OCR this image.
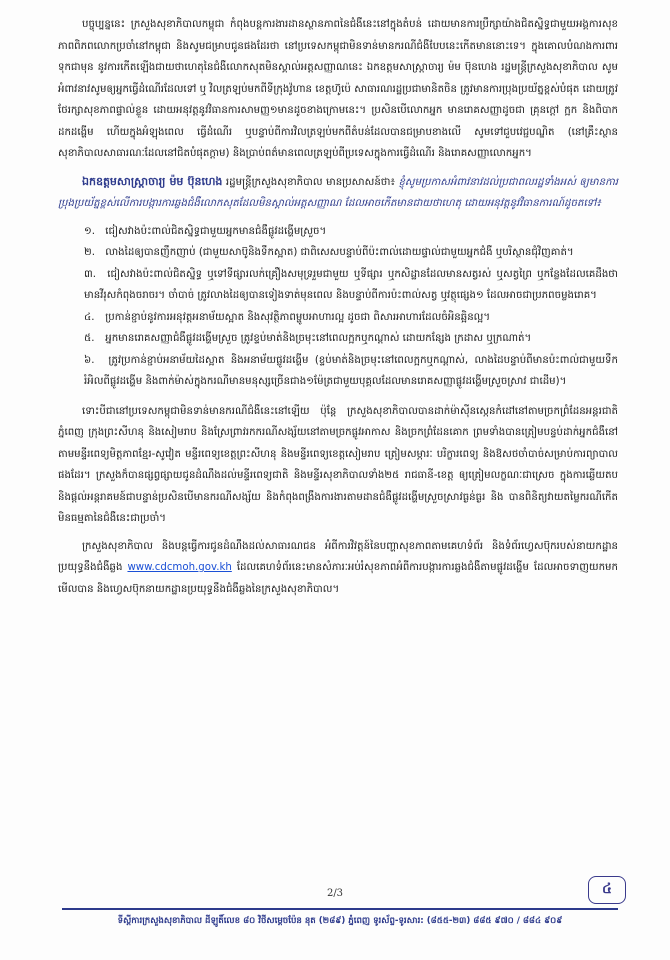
បច្ចុប្បន្ននេះ ក្រសួងសុខាភិបាលកម្ពុជា កំពុងបន្តការងារដានស្ថានភាពនៃជំងឺនេះនៅក្នុងតំបន់ ដោយមានការប្រឹក្សាយ៉ាងជិតស្និទ្ធជាមួយអង្គការសុខភាពពិភពលោកប្រចាំនៅកម្ពុជា និងសូមជម្រាបជូនផងដែរថា នៅប្រទេសកម្ពុជាមិនទាន់មានករណីជំងឺបែបនេះកើតមាននោះទេ។ ក្នុងគោលបំណងការពារទុកជាមុន នូវការកើតឡើងជាយថាហេតុនៃជំងឺលោកសុតមិនស្គាល់អត្តសញ្ញាណនេះ ឯកឧត្តមសាស្ត្រាចារ្យ ម៉ម ប៊ុនហេង រដ្ឋមន្ត្រីក្រសួងសុខាភិបាល សូមអំពាវនាវសូមឲ្យអ្នកធ្វើដំណើរដែលទៅ ឬ វិលត្រឡប់មកពីទីក្រុងវ៉ូហាន ខេត្តហ៊ូប៉េ សាធារណរដ្ឋប្រជាមានិតចិន ត្រូវមានការប្រុងប្រយ័ត្នខ្ពស់បំផុត ដោយត្រូវថែរក្សាសុខភាពផ្ទាល់ខ្លួន ដោយអនុវត្តនូវវិធានការសាមញ្ញ១មានដូចខាងក្រោមនេះ។ ប្រសិនបើលោកអ្នក មានរោគសញ្ញាដូចជា គ្រុនក្តៅ ក្អក និងពិបាកដកដង្ហើម ហើយក្នុងអំឡុងពេល ធ្វើដំណើរ ឬបន្ទាប់ពីការវិលត្រឡប់មកពីតំបន់ដែលបានជម្រាបខាងលើ សូមទៅជួបវេជ្ជបណ្ឌិត (នៅគ្រឹះស្ថានសុខាភិបាលសាធារណៈដែលនៅជិតបំផុតក្តាម) និងប្រាប់ពត៌មានពេលត្រឡប់ពីប្រទេសក្នុងការធ្វើដំណើរ និងរោគសញ្ញាលោកអ្នក។

ឯកឧត្តមសាស្ត្រាចារ្យ ម៉ម ប៊ុនហេង រដ្ឋមន្ត្រីក្រសួងសុខាភិបាល មានប្រសាសន៍ថា៖ ខ្ញុំសូមប្រកាសអំពាវនាវដល់ប្រជាពលរដ្ឋទាំងអស់ ឲ្យមានការប្រុងប្រយ័ត្នខ្ពស់លើការបង្ការការឆ្លងជំងឺលោកសុតដែលមិនស្គាល់អត្តសញ្ញាណ ដែលអាចកើតមានជាយថាហេតុ ដោយអនុវត្តនូវវិធានការណ៍ដូចតទៅ៖

១. ជៀសវាងប៉ះពាល់ជិតស្និទ្ធជាមួយអ្នកមានជំងឺផ្លូវដង្ហើមស្រួច។
២. លាងដៃឲ្យបានញឹកញាប់ (ជាមួយសាប៊ូនិងទឹកស្អាត) ជាពិសេសបន្ទាប់ពីប៉ះពាល់ដោយផ្ទាល់ជាមួយអ្នកជំងឺ ឬបរិស្ថានជុំវិញគាត់។
៣. ជៀសវាងប៉ះពាល់ជិតស្និទ្ធ ឬទៅទីផ្សារលក់គ្រឿងសមុទ្ររួមជាមួយ ឬទីផ្សារ ឬកសិដ្ឋានដែលមានសត្វរស់ ឬសត្វព្រៃ ឬកន្លែងដែលគេដឹងថាមានវីរុសកំពុងចរាចរ។ ចាំបាច់ ត្រូវលាងដៃឲ្យបានទៀងទាត់មុនពេល និងបន្ទាប់ពីការប៉ះពាល់សត្វ ឬវត្ថុផ្សេង១ ដែលអាចជាប្រភពចម្លងរោគ។
៤. ប្រកាន់ខ្ជាប់នូវការអនុវត្តអនាម័យស្អាត និងសុវត្ថិភាពម្ហូបអាហារល្អ ដូចជា ពិសារអាហារដែលចំអិនឆ្អិនល្អ។
៥. អ្នកមានរោគសញ្ញាជំងឺផ្លូវដង្ហើមស្រួច ត្រូវខ្ទប់មាត់និងច្រមុះនៅពេលក្អកឬកណ្តាស់ ដោយកន្សែង ក្រដាស ឬក្រណាត់។
៦. ត្រូវប្រកាន់ខ្ជាប់អនាម័យដៃស្អាត និងអនាម័យផ្លូវដង្ហើម (ខ្ទប់មាត់និងច្រមុះនៅពេលក្អកឬកណ្តាស់, លាងដៃបន្ទាប់ពីមានប៉ះពាល់ជាមួយទឹករំអិលពីផ្លូវដង្ហើម និងពាក់ម៉ាស់ក្នុងករណីមានមនុស្សច្រើនជាង១ម៉ែត្រជាមួយបុគ្គលដែលមានរោគសញ្ញាផ្លូវដង្ហើមស្រួចស្រាវ ជាដើម)។

ទោះបីជានៅប្រទេសកម្ពុជាមិនទាន់មានករណីជំងឺនេះនៅឡើយ ប៉ុន្តែ ក្រសួងសុខាភិបាលបានដាក់ម៉ាស៊ីនស្កេនកំដៅនៅតាមច្រកព្រំដែនអន្តរជាតិភ្នំពេញ ក្រុងព្រះសីហនុ និងសៀមរាប និងស្រែព្រាវរកករណីសង្ស័យនៅតាមច្រកផ្លូវអាកាស និងច្រកព្រំដែនគោក ព្រមទាំងបានត្រៀមបន្ទប់ដាក់អ្នកជំងឺនៅតាមមន្ទីរពេទ្យមិត្តភាពខ្មែរ-សូវៀត មន្ទីរពេទ្យខេត្តព្រះសីហនុ និងមន្ទីរពេទ្យខេត្តសៀមរាប ត្រៀមសម្ភារៈ បរិក្ខារពេទ្យ និងឱសថចាំបាច់សម្រាប់ការព្យាបាលផងដែរ។ ក្រសួងក៏បានផ្សព្វផ្សាយជូនដំណឹងដល់មន្ទីរពេទ្យជាតិ និងមន្ទីរសុខាភិបាលទាំង២៥ រាជធានី-ខេត្ត ឲ្យត្រៀមលក្ខណៈជាស្រេច ក្នុងការឆ្លើយតប និងផ្តល់អន្តរាគមន៍ជាបន្ទាន់ប្រសិនបើមានករណីសង្ស័យ និងកំពុងពង្រឹងការងារតាមដានជំងឺផ្លូវដង្ហើមស្រួចស្រាវធ្ងន់ធ្ងរ និង បានពិនិត្យវាយតម្លៃករណីកើតមិនធម្មតានៃជំងឺនេះជាប្រចាំ។

ក្រសួងសុខាភិបាល និងបន្តធ្វើការជូនដំណឹងដល់សាធារណជន អំពីការវិវត្តន៍នៃបញ្ហាសុខភាពតាមគេហទំព័រ និងទំព័រហ្វេសប៊ុករបស់នាយកដ្ឋានប្រយុទ្ធនឹងជំងឺឆ្លង www.cdcmoh.gov.kh ដែលគេហទំព័រនេះមានសំភារៈអប់រំសុខភាពអំពីការបង្ការការឆ្លងជំងឺតាមផ្លូវដង្ហើម ដែលអាចទាញយកមកមើលបាន និងហ្វេសប៊ុកនាយកដ្ឋានប្រយុទ្ធនឹងជំងឺឆ្លងនៃក្រសួងសុខាភិបាល។

2/3	៤
ទីស្តីការក្រសួងសុខាភិបាល ដីឡូតិ៍លេខ ៨០ វិថីសម្តេចប៉ែន នុត (២៨៩) ភ្នំពេញ ទូរស័ព្ទ-ទូរសារ: (៨៥៥-២៣) ៨៨៥ ៩៧០ / ៨៨៤ ៩០៩
